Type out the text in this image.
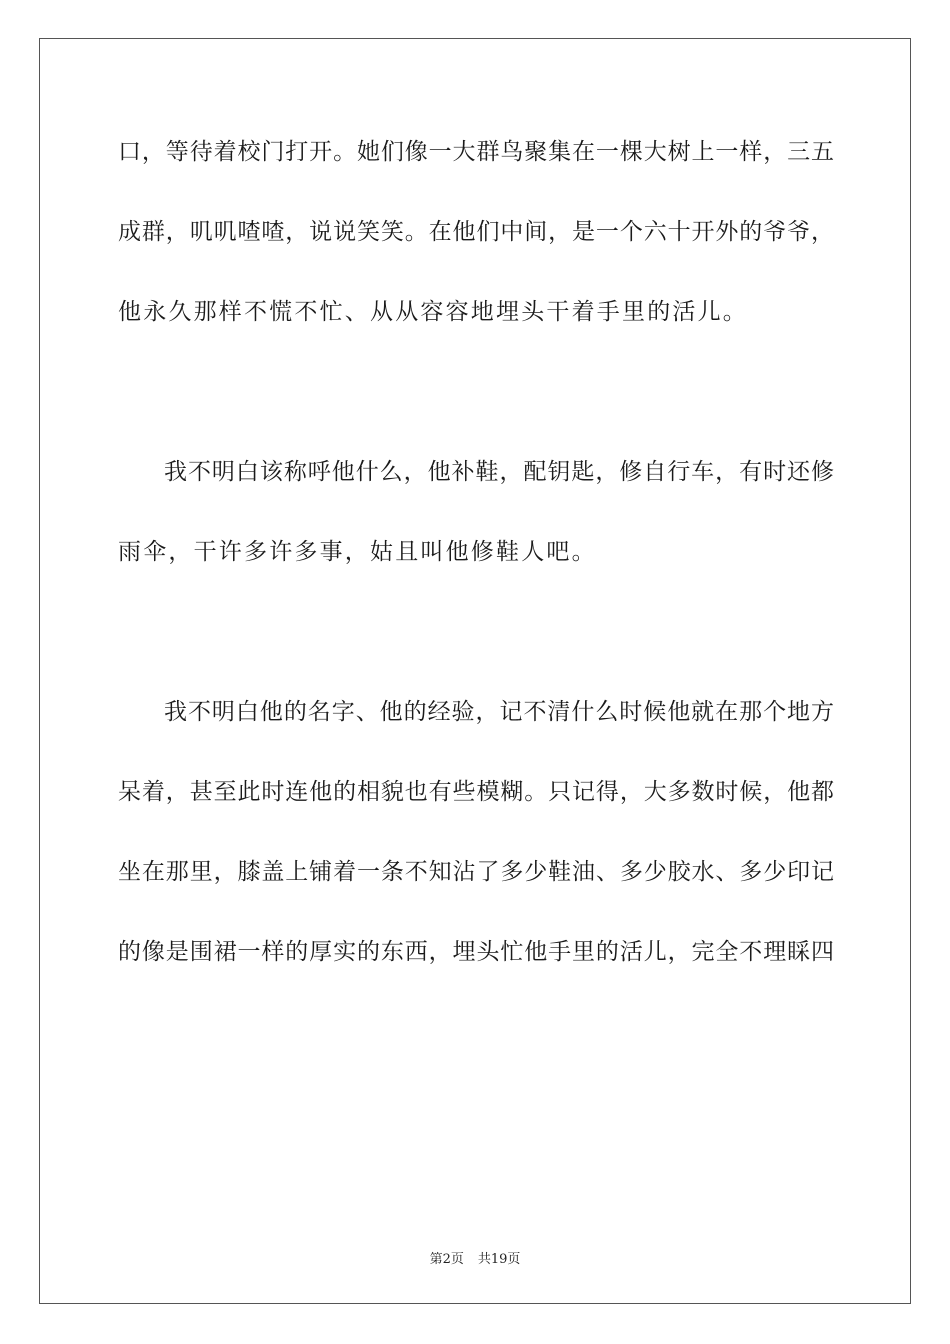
口，等待着校门打开。她们像一大群鸟聚集在一棵大树上一样，三五
成群，叽叽喳喳，说说笑笑。在他们中间，是一个六十开外的爷爷，
他永久那样不慌不忙、从从容容地埋头干着手里的活儿。
我不明白该称呼他什么，他补鞋，配钥匙，修自行车，有时还修
雨伞，干许多许多事，姑且叫他修鞋人吧。
我不明白他的名字、他的经验，记不清什么时候他就在那个地方
呆着，甚至此时连他的相貌也有些模糊。只记得，大多数时候，他都
坐在那里，膝盖上铺着一条不知沾了多少鞋油、多少胶水、多少印记
的像是围裙一样的厚实的东西，埋头忙他手里的活儿，完全不理睬四
第2页 共19页
